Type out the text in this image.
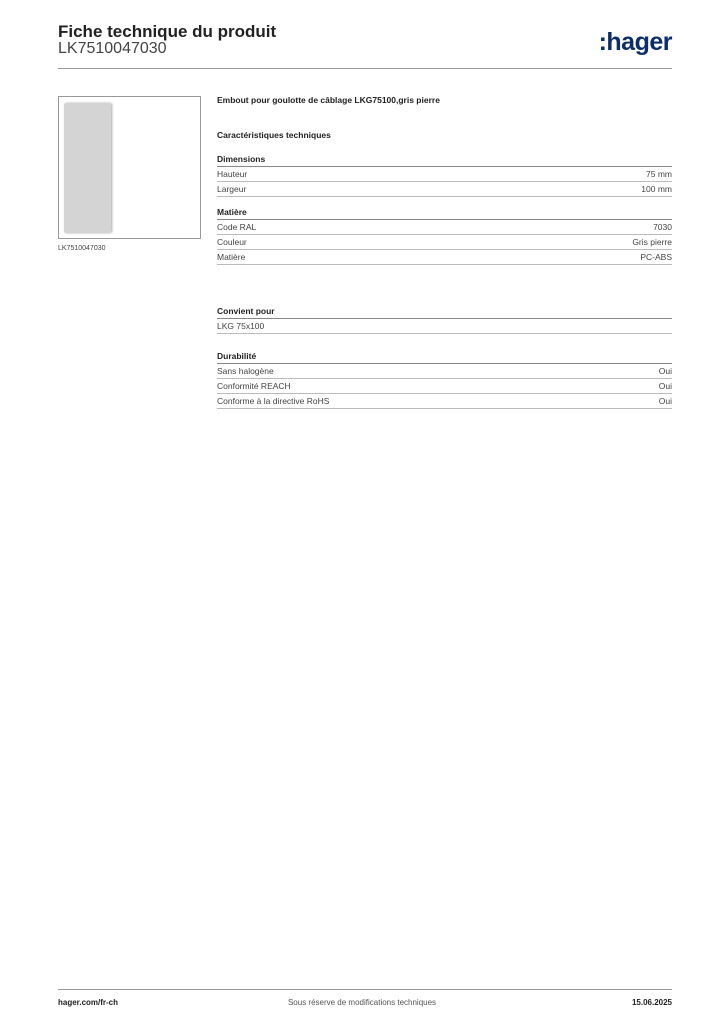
Fiche technique du produit
LK7510047030	:hager
LK7510047030
Embout pour goulotte de câblage LKG75100,gris pierre
Caractéristiques techniques
Dimensions
Hauteur	75 mm
Largeur	100 mm
Matière
Code RAL	7030
Couleur	Gris pierre
Matière	PC-ABS
Convient pour
LKG 75x100
Durabilité
Sans halogène	Oui
Conformité REACH	Oui
Conforme à la directive RoHS	Oui
Sous réserve de modifications techniques
hager.com/fr-ch	15.06.2025
